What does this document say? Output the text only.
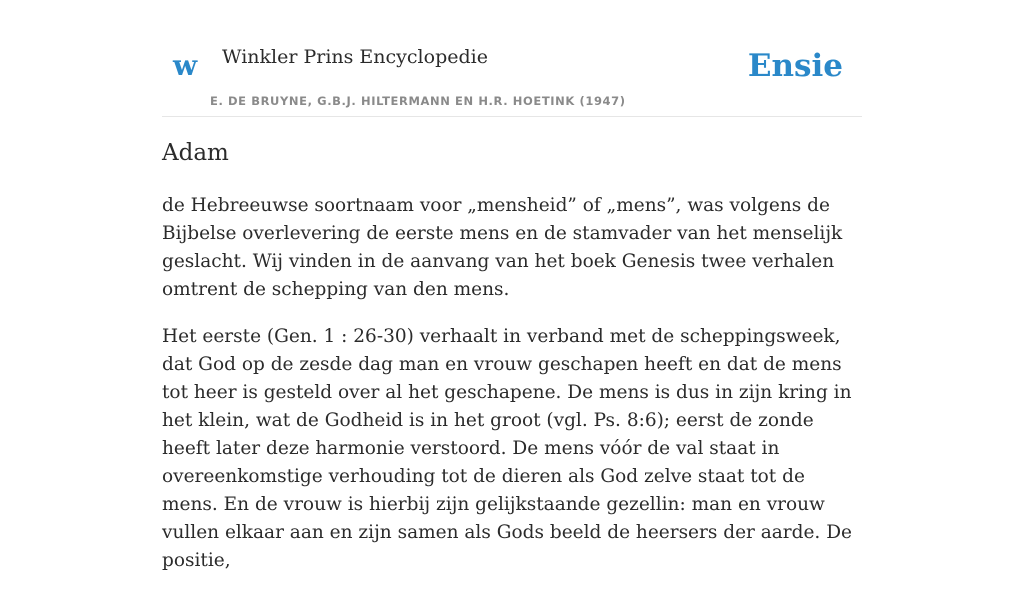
w Winkler Prins Encyclopedie
E. DE BRUYNE, G.B.J. HILTERMANN EN H.R. HOETINK (1947)
Ensie
Adam

de Hebreeuwse soortnaam voor „mensheid” of „mens”, was volgens de Bijbelse overlevering de eerste mens en de stamvader van het menselijk geslacht. Wij vinden in de aanvang van het boek Genesis twee verhalen omtrent de schepping van den mens.

Het eerste (Gen. 1 : 26-30) verhaalt in verband met de scheppingsweek, dat God op de zesde dag man en vrouw geschapen heeft en dat de mens tot heer is gesteld over al het geschapene. De mens is dus in zijn kring in het klein, wat de Godheid is in het groot (vgl. Ps. 8:6); eerst de zonde heeft later deze harmonie verstoord. De mens vóór de val staat in overeenkomstige verhouding tot de dieren als God zelve staat tot de mens. En de vrouw is hierbij zijn gelijkstaande gezellin: man en vrouw vullen elkaar aan en zijn samen als Gods beeld de heersers der aarde. De positie,
